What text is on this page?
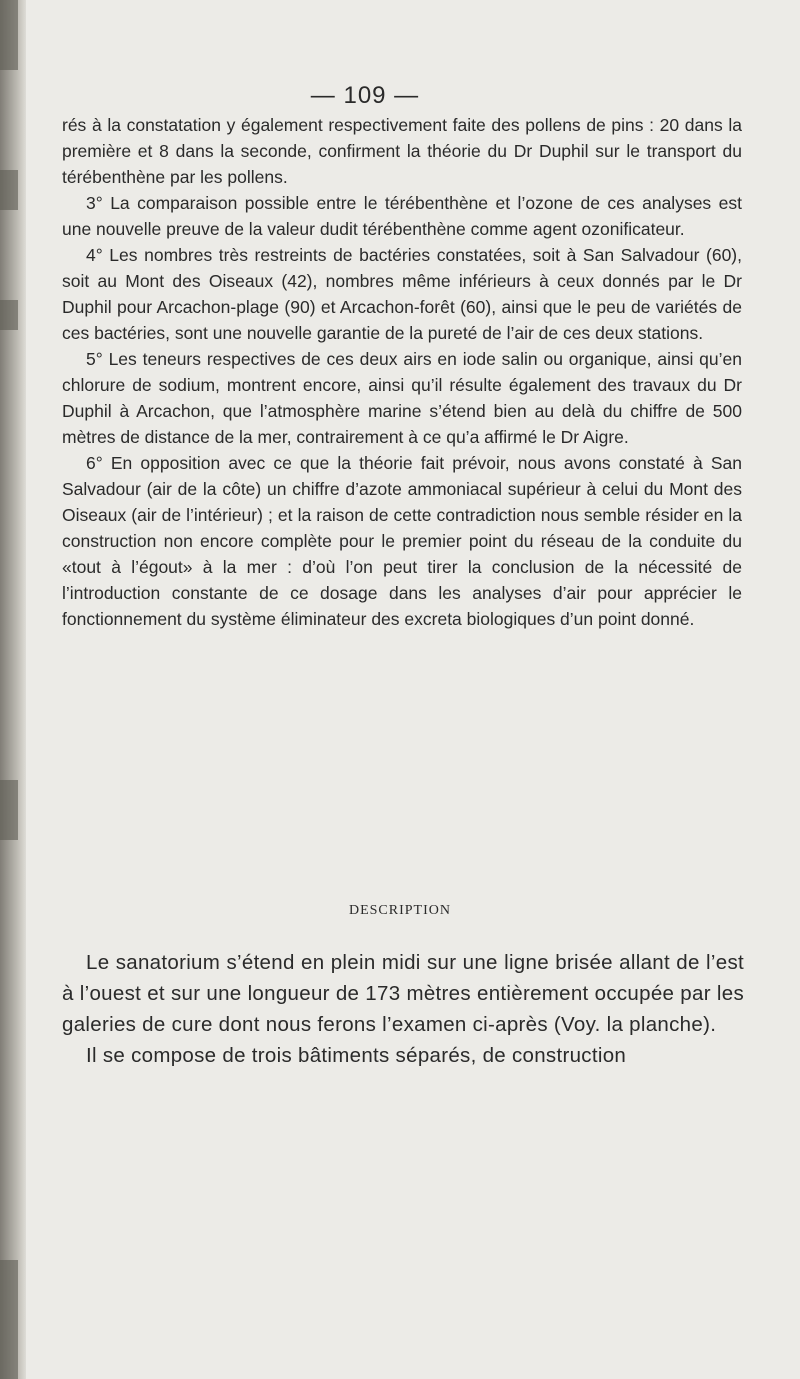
— 109 —

rés à la constatation y également respectivement faite des pollens de pins : 20 dans la première et 8 dans la seconde, confirment la théorie du Dr Duphil sur le transport du térébenthène par les pollens.

3° La comparaison possible entre le térébenthène et l’ozone de ces analyses est une nouvelle preuve de la valeur dudit térébenthène comme agent ozonificateur.

4° Les nombres très restreints de bactéries constatées, soit à San Salvadour (60), soit au Mont des Oiseaux (42), nombres même inférieurs à ceux donnés par le Dr Duphil pour Arcachon-plage (90) et Arcachon-forêt (60), ainsi que le peu de variétés de ces bactéries, sont une nouvelle garantie de la pureté de l’air de ces deux stations.

5° Les teneurs respectives de ces deux airs en iode salin ou organique, ainsi qu’en chlorure de sodium, montrent encore, ainsi qu’il résulte également des travaux du Dr Duphil à Arcachon, que l’atmosphère marine s’étend bien au delà du chiffre de 500 mètres de distance de la mer, contrairement à ce qu’a affirmé le Dr Aigre.

6° En opposition avec ce que la théorie fait prévoir, nous avons constaté à San Salvadour (air de la côte) un chiffre d’azote ammoniacal supérieur à celui du Mont des Oiseaux (air de l’intérieur) ; et la raison de cette contradiction nous semble résider en la construction non encore complète pour le premier point du réseau de la conduite du «tout à l’égout» à la mer : d’où l’on peut tirer la conclusion de la nécessité de l’introduction constante de ce dosage dans les analyses d’air pour apprécier le fonctionnement du système éliminateur des excreta biologiques d’un point donné.

DESCRIPTION

Le sanatorium s’étend en plein midi sur une ligne brisée allant de l’est à l’ouest et sur une longueur de 173 mètres entièrement occupée par les galeries de cure dont nous ferons l’examen ci-après (Voy. la planche).

Il se compose de trois bâtiments séparés, de construction
